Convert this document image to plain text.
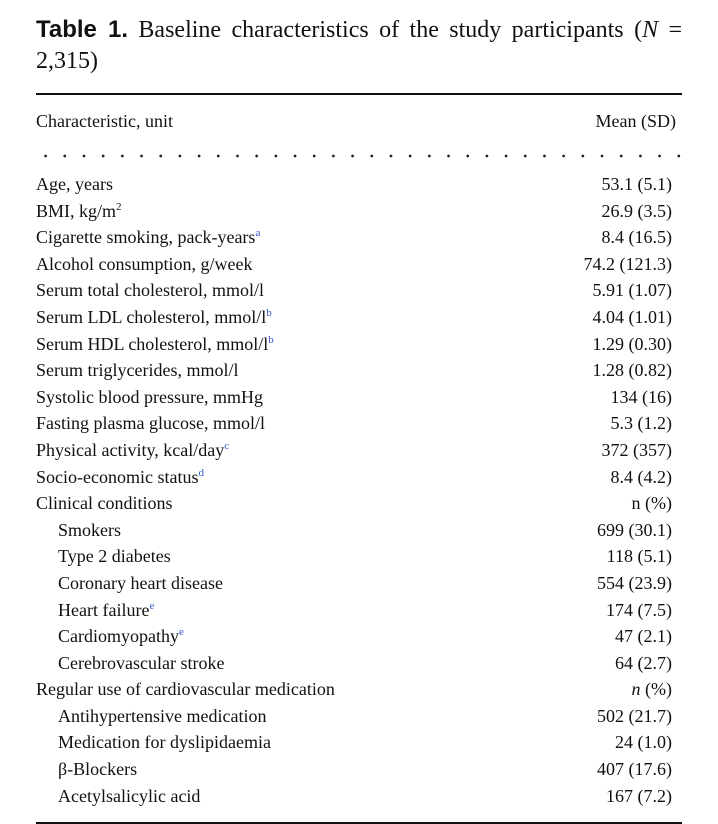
Table 1. Baseline characteristics of the study participants (N = 2,315)

Characteristic, unit	Mean (SD)
Age, years	53.1 (5.1)
BMI, $kg/m^2$	26.9 (3.5)
Cigarette smoking, pack-years$^a$	8.4 (16.5)
Alcohol consumption, g/week	74.2 (121.3)
Serum total cholesterol, mmol/l	5.91 (1.07)
Serum LDL cholesterol, mmol/l$^b$	4.04 (1.01)
Serum HDL cholesterol, mmol/l$^b$	1.29 (0.30)
Serum triglycerides, mmol/l	1.28 (0.82)
Systolic blood pressure, mmHg	134 (16)
Fasting plasma glucose, mmol/l	5.3 (1.2)
Physical activity, kcal/day$^c$	372 (357)
Socio-economic status$^d$	8.4 (4.2)
Clinical conditions	n (%)
Smokers	699 (30.1)
Type 2 diabetes	118 (5.1)
Coronary heart disease	554 (23.9)
Heart failure$^e$	174 (7.5)
Cardiomyopathy$^e$	47 (2.1)
Cerebrovascular stroke	64 (2.7)
Regular use of cardiovascular medication	n (%)
Antihypertensive medication	502 (21.7)
Medication for dyslipidaemia	24 (1.0)
β-Blockers	407 (17.6)
Acetylsalicylic acid	167 (7.2)
